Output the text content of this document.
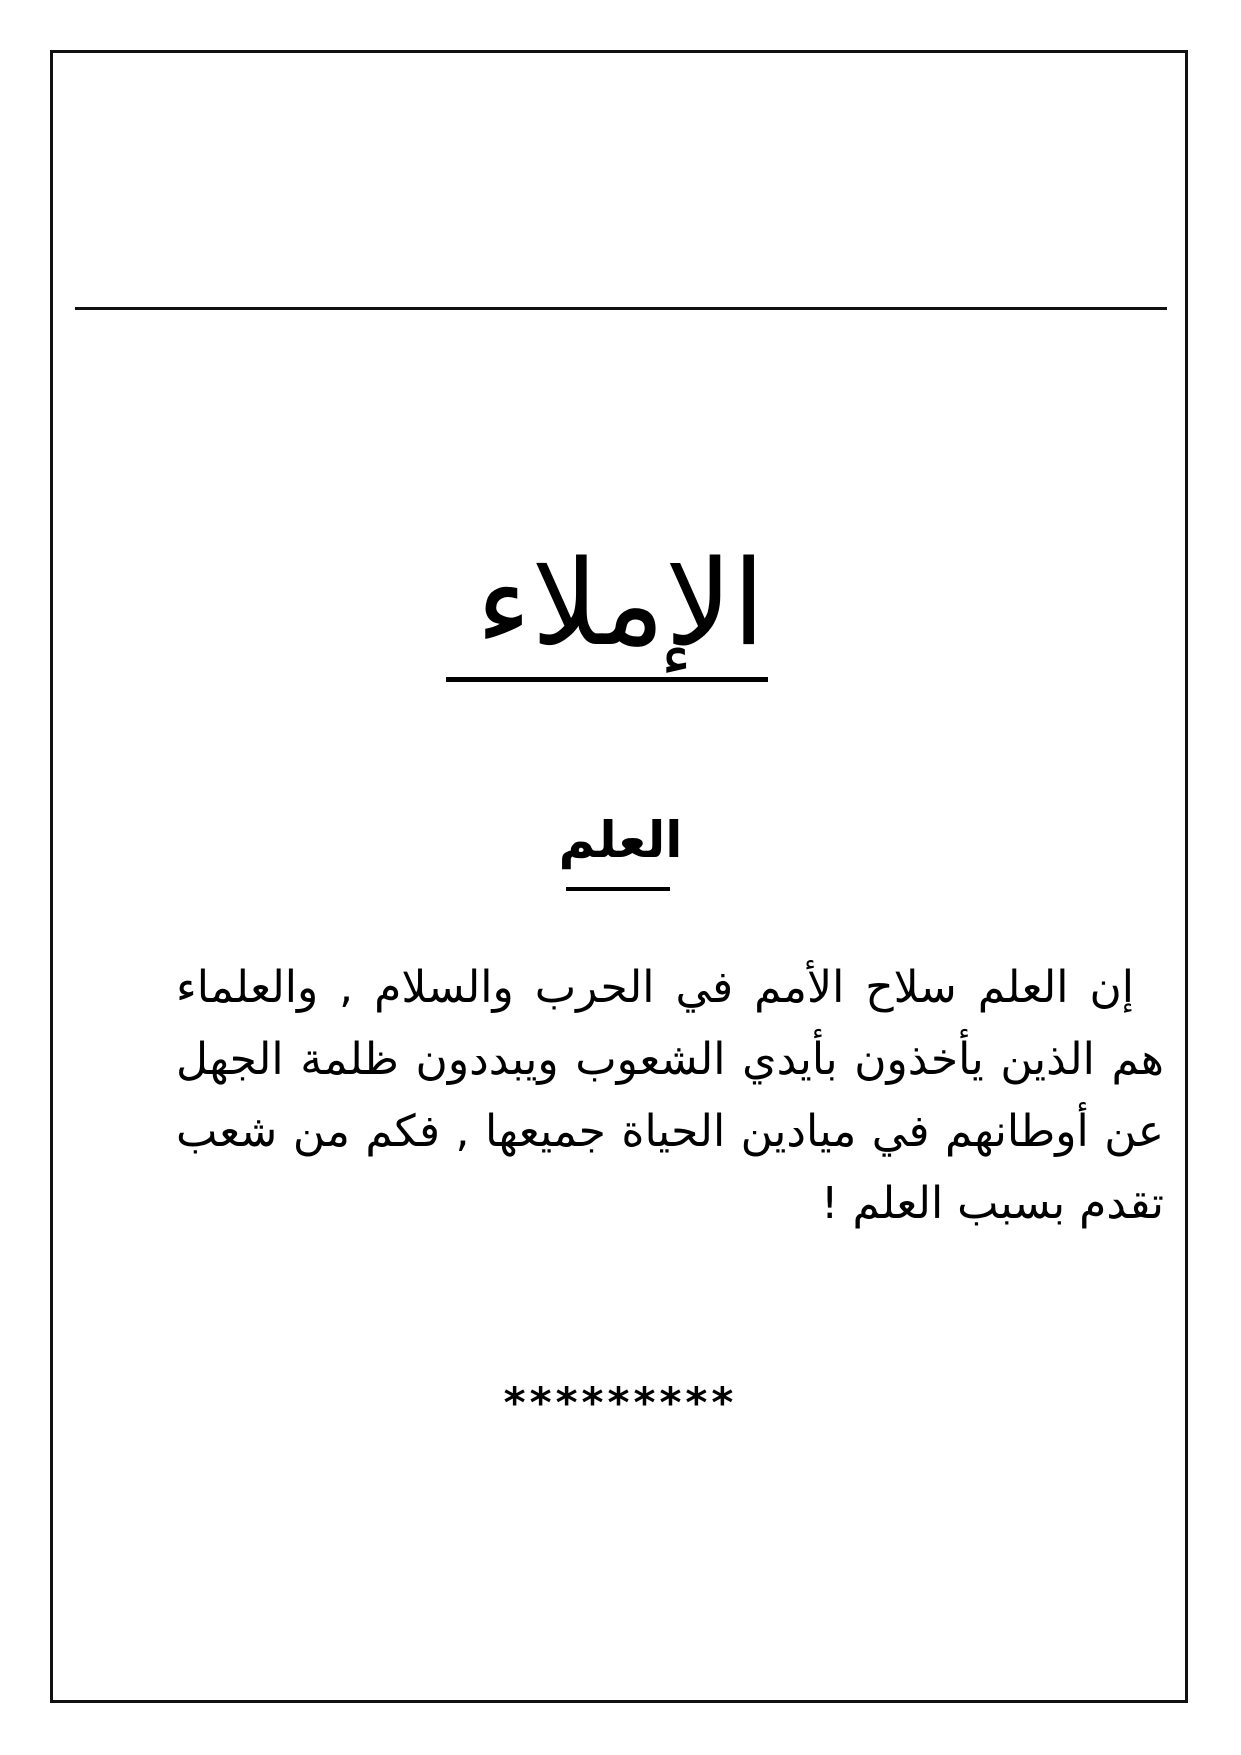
الإملاء
العلم

إن العلم سلاح الأمم في الحرب والسلام , والعلماء هم الذين يأخذون بأيدي الشعوب ويبددون ظلمة الجهل عن أوطانهم في ميادين الحياة جميعها , فكم من شعب تقدم بسبب العلم !

*********
